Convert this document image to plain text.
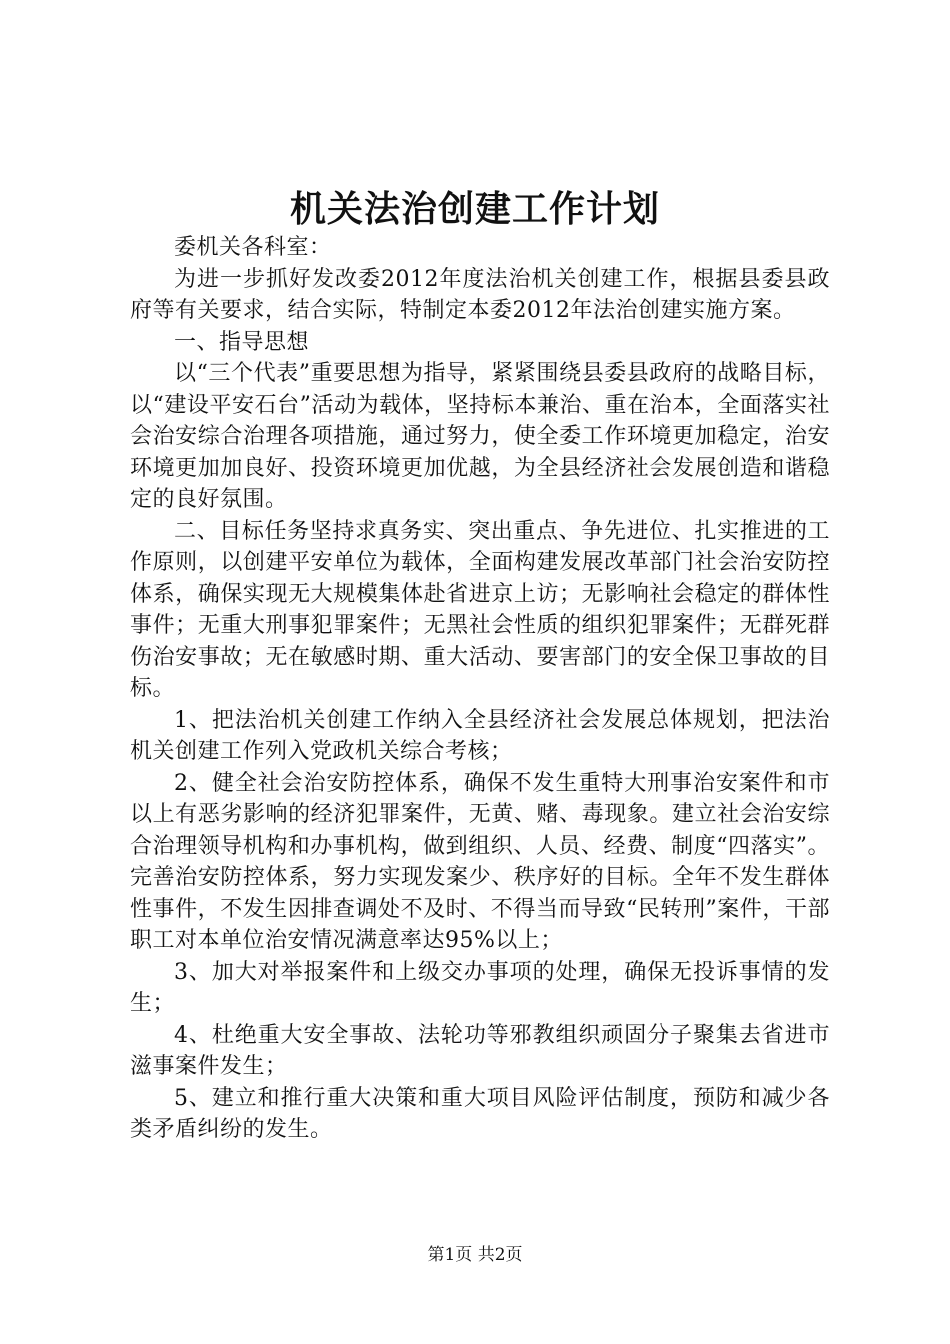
机关法治创建工作计划

委机关各科室：

为进一步抓好发改委2012年度法治机关创建工作，根据县委县政府等有关要求，结合实际，特制定本委2012年法治创建实施方案。

一、指导思想

以“三个代表”重要思想为指导，紧紧围绕县委县政府的战略目标，以“建设平安石台”活动为载体，坚持标本兼治、重在治本，全面落实社会治安综合治理各项措施，通过努力，使全委工作环境更加稳定，治安环境更加加良好、投资环境更加优越，为全县经济社会发展创造和谐稳定的良好氛围。

二、目标任务坚持求真务实、突出重点、争先进位、扎实推进的工作原则，以创建平安单位为载体，全面构建发展改革部门社会治安防控体系，确保实现无大规模集体赴省进京上访；无影响社会稳定的群体性事件；无重大刑事犯罪案件；无黑社会性质的组织犯罪案件；无群死群伤治安事故；无在敏感时期、重大活动、要害部门的安全保卫事故的目标。

1、把法治机关创建工作纳入全县经济社会发展总体规划，把法治机关创建工作列入党政机关综合考核；

2、健全社会治安防控体系，确保不发生重特大刑事治安案件和市以上有恶劣影响的经济犯罪案件，无黄、赌、毒现象。建立社会治安综合治理领导机构和办事机构，做到组织、人员、经费、制度“四落实”。完善治安防控体系，努力实现发案少、秩序好的目标。全年不发生群体性事件，不发生因排查调处不及时、不得当而导致“民转刑”案件，干部职工对本单位治安情况满意率达95%以上；

3、加大对举报案件和上级交办事项的处理，确保无投诉事情的发生；

4、杜绝重大安全事故、法轮功等邪教组织顽固分子聚集去省进市滋事案件发生；

5、建立和推行重大决策和重大项目风险评估制度，预防和减少各类矛盾纠纷的发生。

第1页 共2页
